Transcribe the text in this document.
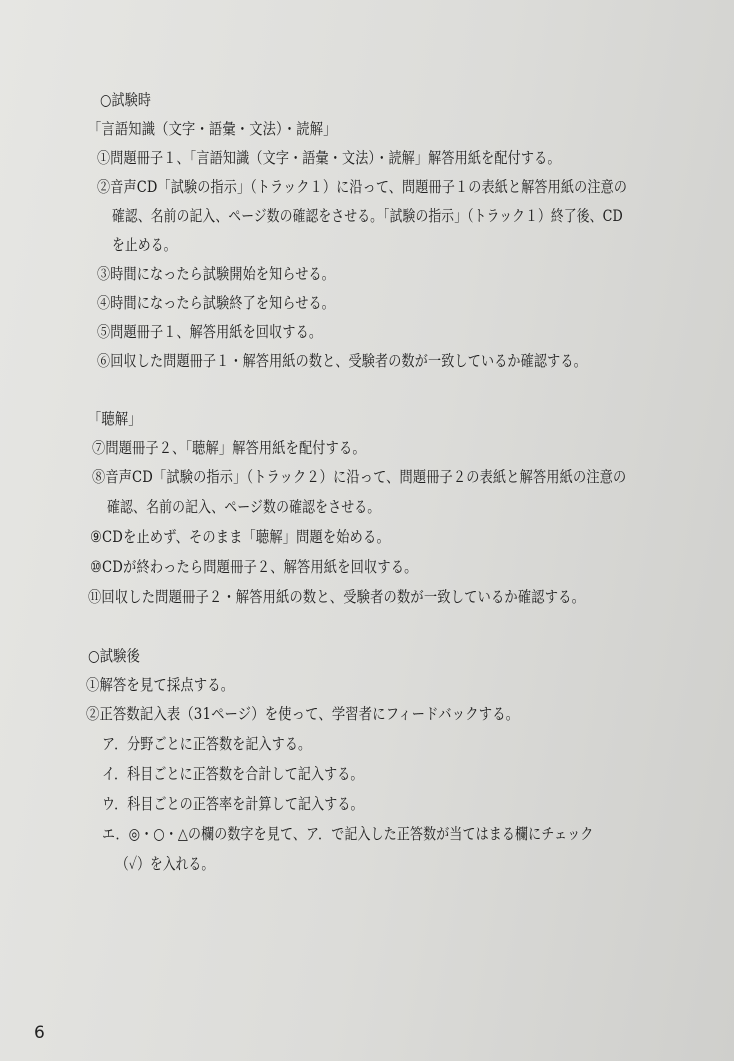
○試験時
「言語知識（文字・語彙・文法）・読解」
①問題冊子１、「言語知識（文字・語彙・文法）・読解」解答用紙を配付する。
②音声CD「試験の指示」（トラック１）に沿って、問題冊子１の表紙と解答用紙の注意の
確認、名前の記入、ページ数の確認をさせる。「試験の指示」（トラック１）終了後、CD
を止める。
③時間になったら試験開始を知らせる。
④時間になったら試験終了を知らせる。
⑤問題冊子１、解答用紙を回収する。
⑥回収した問題冊子１・解答用紙の数と、受験者の数が一致しているか確認する。
「聴解」
⑦問題冊子２、「聴解」解答用紙を配付する。
⑧音声CD「試験の指示」（トラック２）に沿って、問題冊子２の表紙と解答用紙の注意の
確認、名前の記入、ページ数の確認をさせる。
⑨CDを止めず、そのまま「聴解」問題を始める。
⑩CDが終わったら問題冊子２、解答用紙を回収する。
⑪回収した問題冊子２・解答用紙の数と、受験者の数が一致しているか確認する。
○試験後
①解答を見て採点する。
②正答数記入表（31ページ）を使って、学習者にフィードバックする。
ア．分野ごとに正答数を記入する。
イ．科目ごとに正答数を合計して記入する。
ウ．科目ごとの正答率を計算して記入する。
エ．◎・○・△の欄の数字を見て、ア．で記入した正答数が当てはまる欄にチェック
（✓）を入れる。
6
